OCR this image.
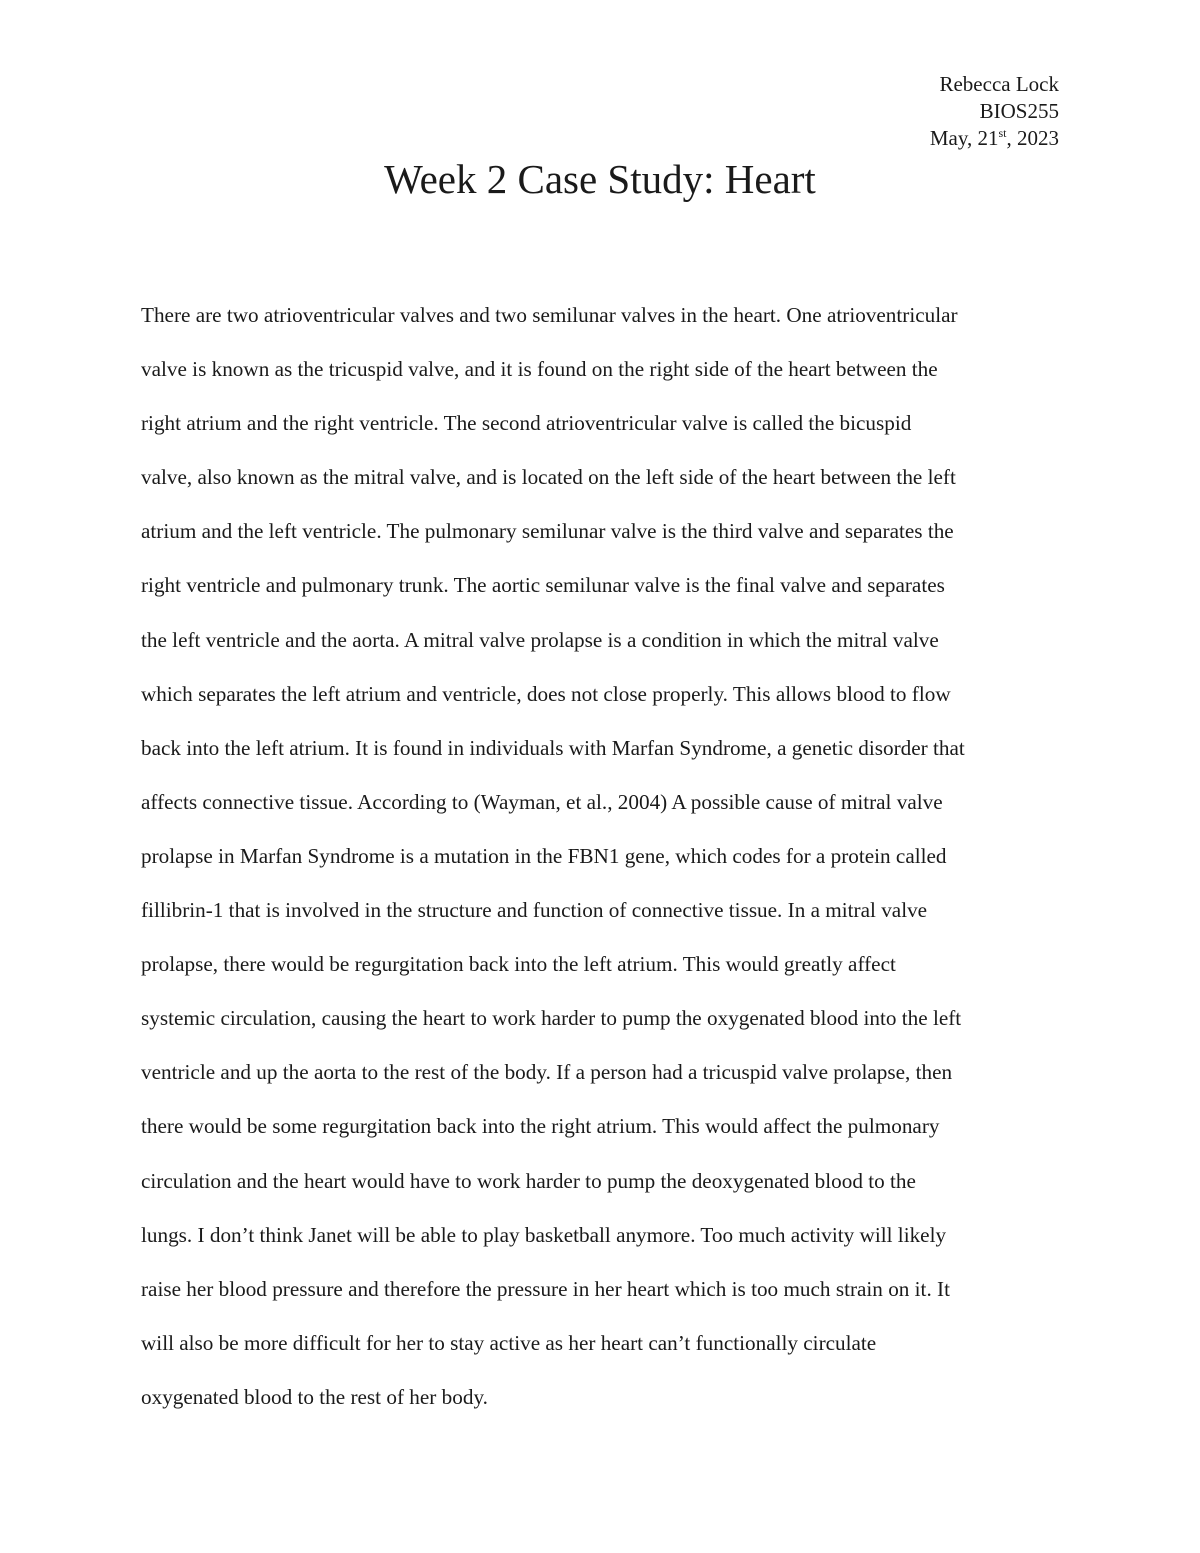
Rebecca Lock
BIOS255
May, 21st, 2023
Week 2 Case Study: Heart
There are two atrioventricular valves and two semilunar valves in the heart. One atrioventricular
valve is known as the tricuspid valve, and it is found on the right side of the heart between the
right atrium and the right ventricle. The second atrioventricular valve is called the bicuspid
valve, also known as the mitral valve, and is located on the left side of the heart between the left
atrium and the left ventricle. The pulmonary semilunar valve is the third valve and separates the
right ventricle and pulmonary trunk. The aortic semilunar valve is the final valve and separates
the left ventricle and the aorta. A mitral valve prolapse is a condition in which the mitral valve
which separates the left atrium and ventricle, does not close properly. This allows blood to flow
back into the left atrium. It is found in individuals with Marfan Syndrome, a genetic disorder that
affects connective tissue. According to (Wayman, et al., 2004) A possible cause of mitral valve
prolapse in Marfan Syndrome is a mutation in the FBN1 gene, which codes for a protein called
fillibrin-1 that is involved in the structure and function of connective tissue. In a mitral valve
prolapse, there would be regurgitation back into the left atrium. This would greatly affect
systemic circulation, causing the heart to work harder to pump the oxygenated blood into the left
ventricle and up the aorta to the rest of the body. If a person had a tricuspid valve prolapse, then
there would be some regurgitation back into the right atrium. This would affect the pulmonary
circulation and the heart would have to work harder to pump the deoxygenated blood to the
lungs. I don’t think Janet will be able to play basketball anymore. Too much activity will likely
raise her blood pressure and therefore the pressure in her heart which is too much strain on it. It
will also be more difficult for her to stay active as her heart can’t functionally circulate
oxygenated blood to the rest of her body.
